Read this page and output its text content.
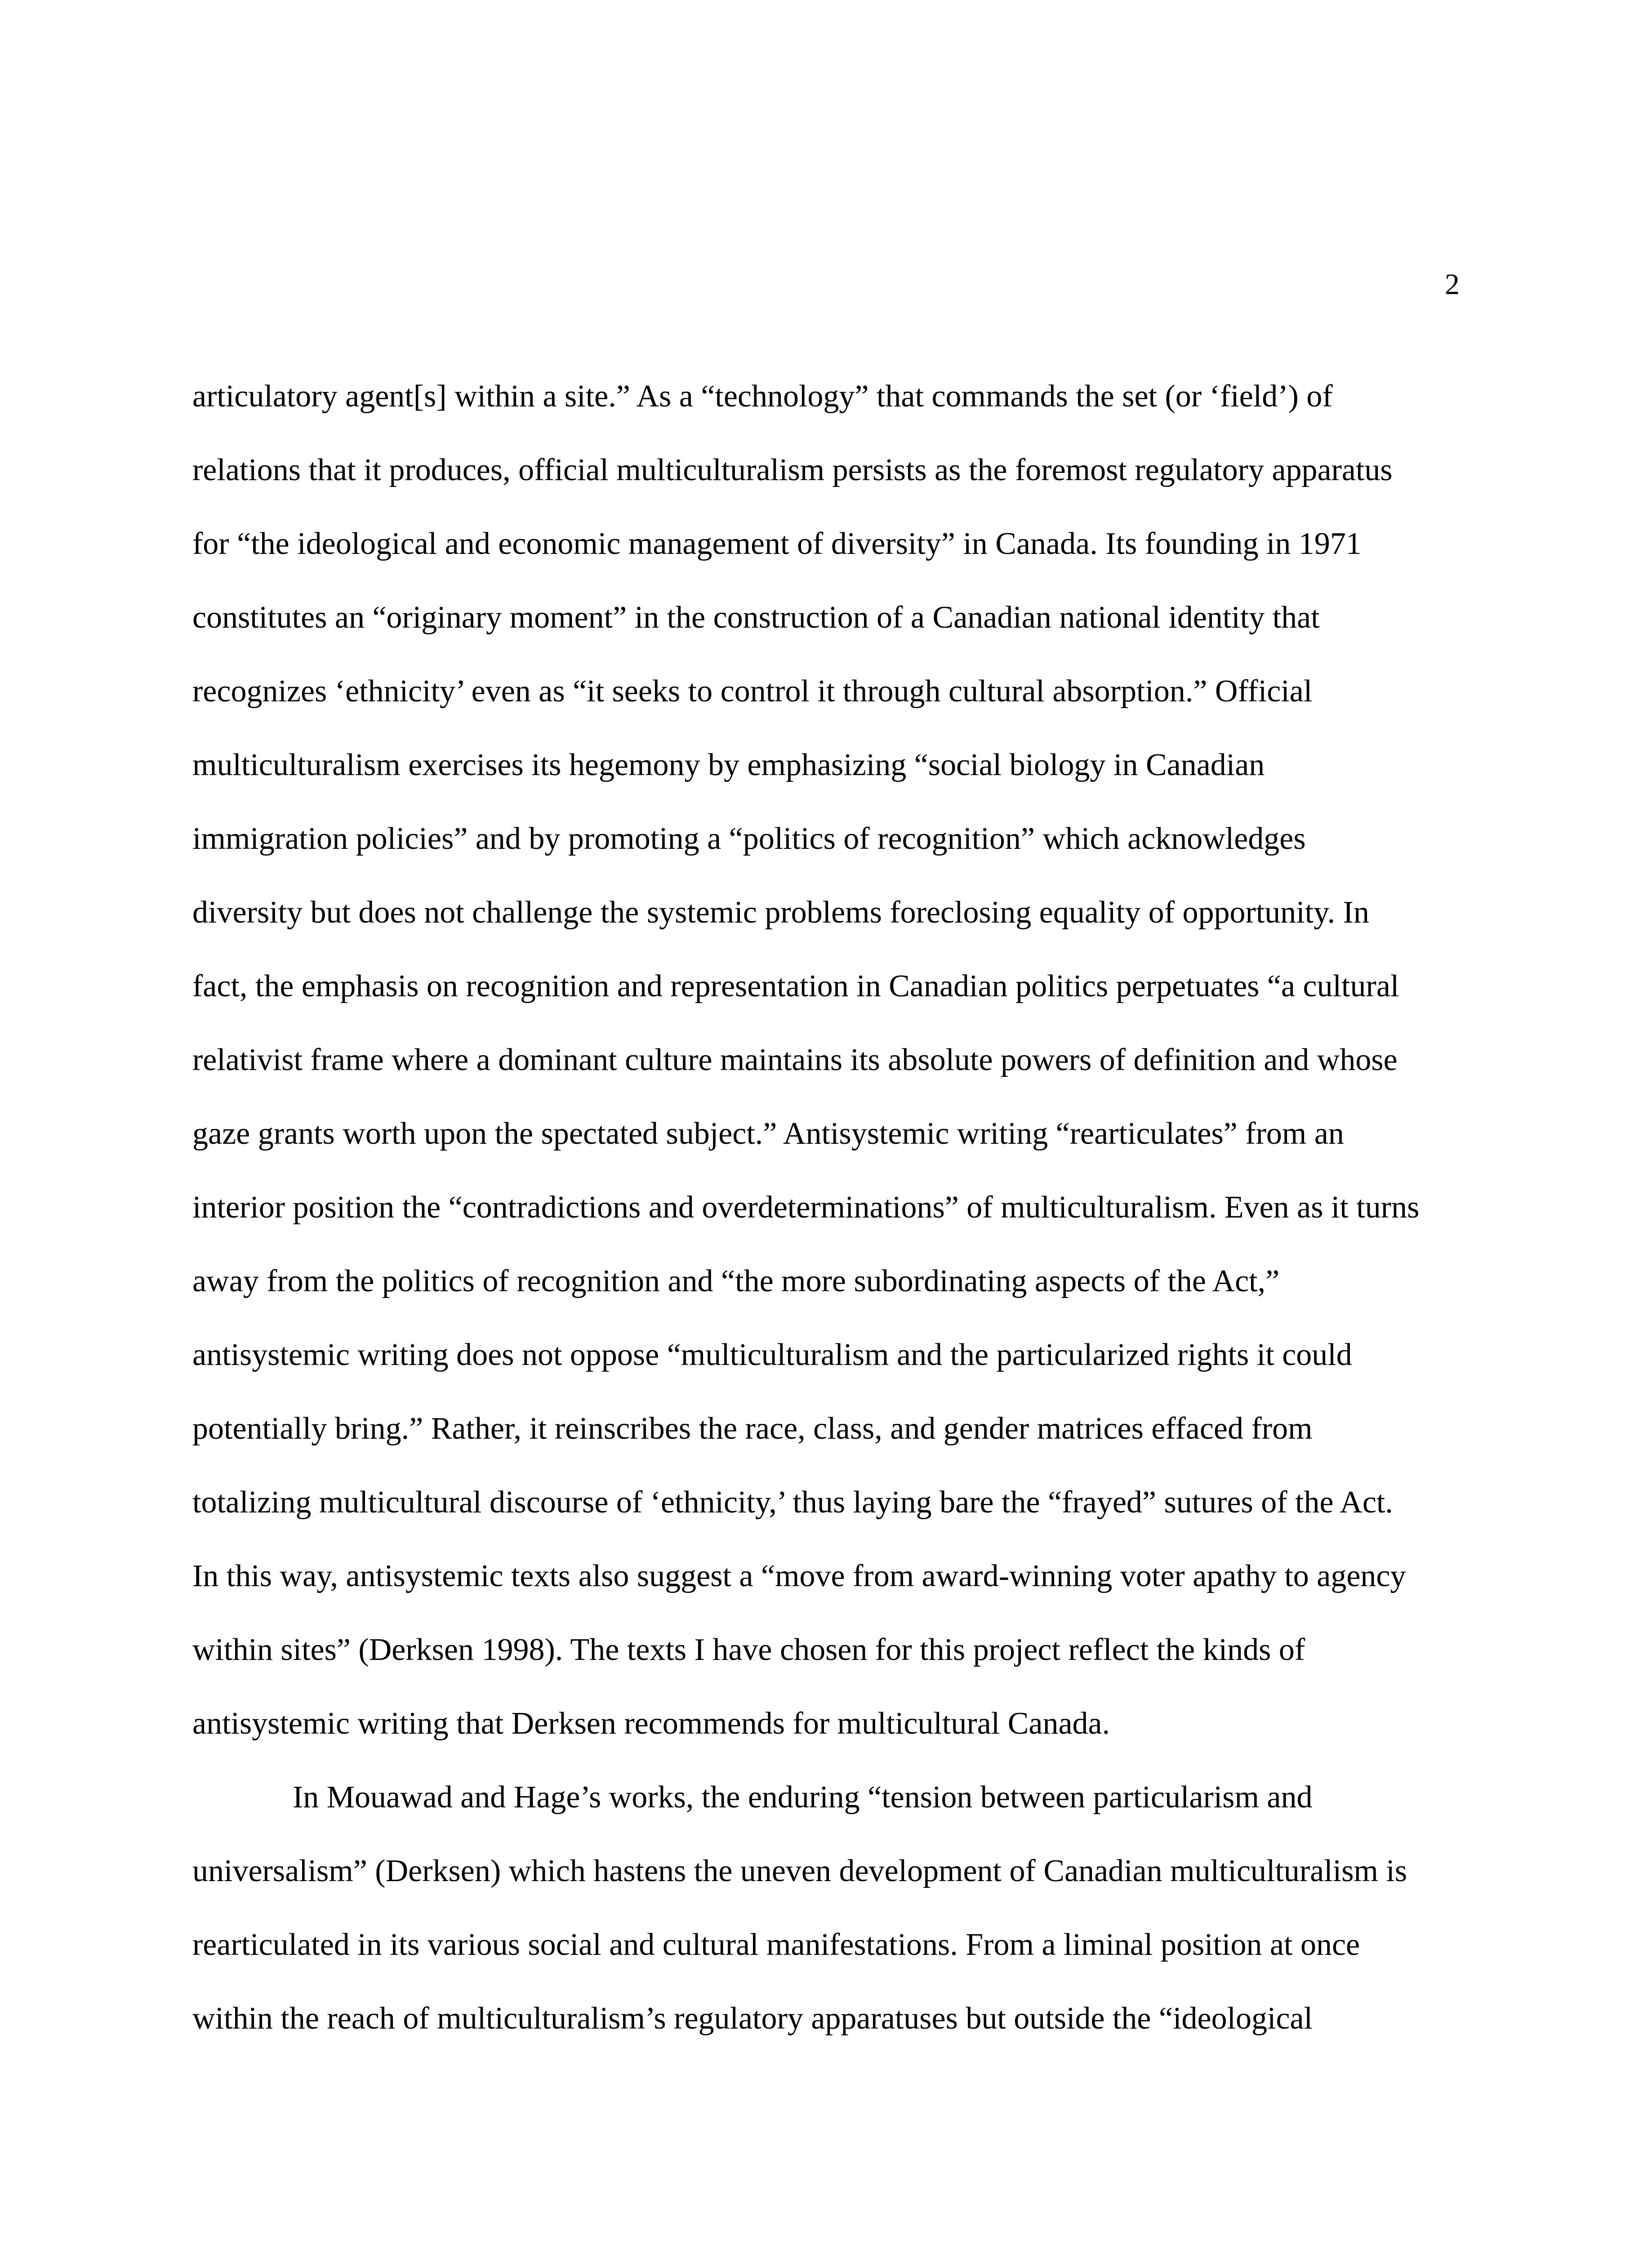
2
articulatory agent[s] within a site.” As a “technology” that commands the set (or ‘field’) of
relations that it produces, official multiculturalism persists as the foremost regulatory apparatus
for “the ideological and economic management of diversity” in Canada. Its founding in 1971
constitutes an “originary moment” in the construction of a Canadian national identity that
recognizes ‘ethnicity’ even as “it seeks to control it through cultural absorption.” Official
multiculturalism exercises its hegemony by emphasizing “social biology in Canadian
immigration policies” and by promoting a “politics of recognition” which acknowledges
diversity but does not challenge the systemic problems foreclosing equality of opportunity. In
fact, the emphasis on recognition and representation in Canadian politics perpetuates “a cultural
relativist frame where a dominant culture maintains its absolute powers of definition and whose
gaze grants worth upon the spectated subject.” Antisystemic writing “rearticulates” from an
interior position the “contradictions and overdeterminations” of multiculturalism. Even as it turns
away from the politics of recognition and “the more subordinating aspects of the Act,”
antisystemic writing does not oppose “multiculturalism and the particularized rights it could
potentially bring.” Rather, it reinscribes the race, class, and gender matrices effaced from
totalizing multicultural discourse of ‘ethnicity,’ thus laying bare the “frayed” sutures of the Act.
In this way, antisystemic texts also suggest a “move from award-winning voter apathy to agency
within sites” (Derksen 1998). The texts I have chosen for this project reflect the kinds of
antisystemic writing that Derksen recommends for multicultural Canada.
In Mouawad and Hage’s works, the enduring “tension between particularism and
universalism” (Derksen) which hastens the uneven development of Canadian multiculturalism is
rearticulated in its various social and cultural manifestations. From a liminal position at once
within the reach of multiculturalism’s regulatory apparatuses but outside the “ideological
